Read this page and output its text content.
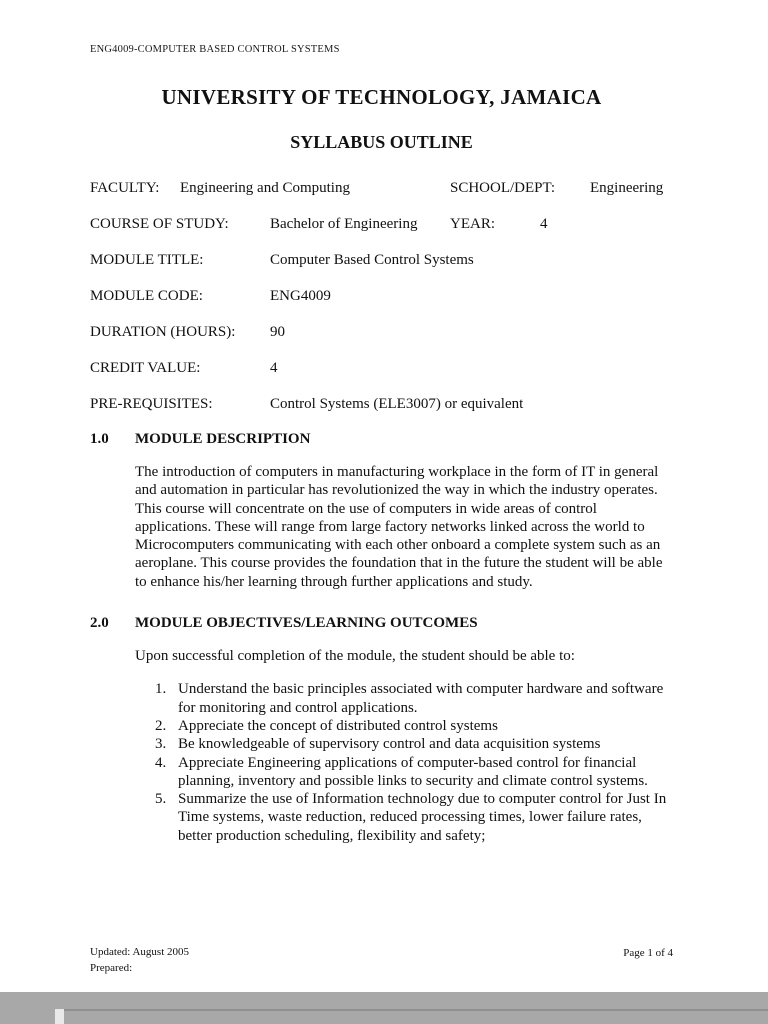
ENG4009-COMPUTER BASED CONTROL SYSTEMS
UNIVERSITY OF TECHNOLOGY, JAMAICA
SYLLABUS OUTLINE
FACULTY:	Engineering and Computing	SCHOOL/DEPT:	Engineering
COURSE OF STUDY:	Bachelor of Engineering	YEAR:	4
MODULE TITLE:	Computer Based Control Systems
MODULE CODE:	ENG4009
DURATION (HOURS):	90
CREDIT VALUE:	4
PRE-REQUISITES:	Control Systems (ELE3007) or equivalent
1.0	MODULE DESCRIPTION
The introduction of computers in manufacturing workplace in the form of IT in general and automation in particular has revolutionized the way in which the industry operates. This course will concentrate on the use of computers in wide areas of control applications. These will range from large factory networks linked across the world to Microcomputers communicating with each other onboard a complete system such as an aeroplane. This course provides the foundation that in the future the student will be able to enhance his/her learning through further applications and study.
2.0	MODULE OBJECTIVES/LEARNING OUTCOMES
Upon successful completion of the module, the student should be able to:
1. Understand the basic principles associated with computer hardware and software for monitoring and control applications.
2. Appreciate the concept of distributed control systems
3. Be knowledgeable of supervisory control and data acquisition systems
4. Appreciate Engineering applications of computer-based control for financial planning, inventory and possible links to security and climate control systems.
5. Summarize the use of Information technology due to computer control for Just In Time systems, waste reduction, reduced processing times, lower failure rates, better production scheduling, flexibility and safety;
Updated: August 2005
Prepared:
Page 1 of 4
